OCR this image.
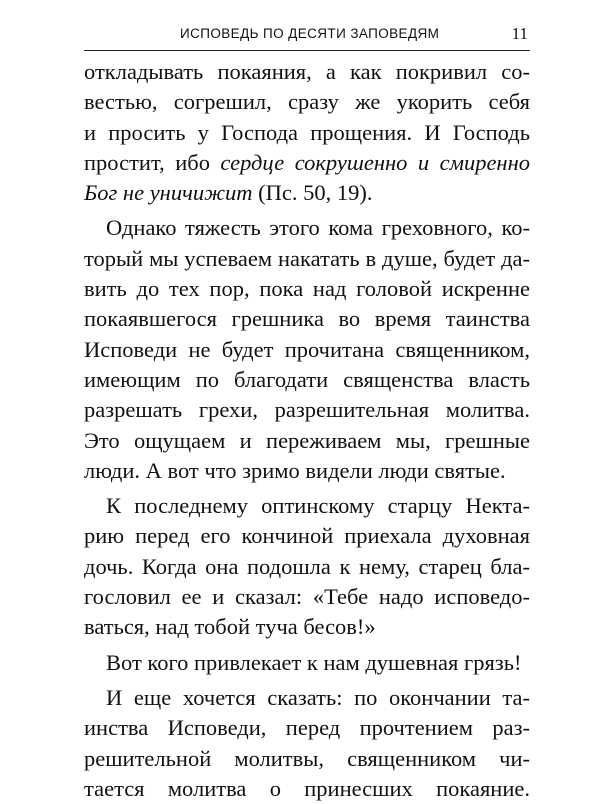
ИСПОВЕДЬ ПО ДЕСЯТИ ЗАПОВЕДЯМ	11
откладывать покаяния, а как покривил со-
вестью, согрешил, сразу же укорить себя
и просить у Господа прощения. И Господь
простит, ибо сердце сокрушенно и смиренно
Бог не уничижит (Пс. 50, 19).
Однако тяжесть этого кома греховного, ко-
торый мы успеваем накатать в душе, будет да-
вить до тех пор, пока над головой искренне
покаявшегося грешника во время таинства
Исповеди не будет прочитана священником,
имеющим по благодати священства власть
разрешать грехи, разрешительная молитва.
Это ощущаем и переживаем мы, грешные
люди. А вот что зримо видели люди святые.
К последнему оптинскому старцу Некта-
рию перед его кончиной приехала духовная
дочь. Когда она подошла к нему, старец бла-
гословил ее и сказал: «Тебе надо исповедо-
ваться, над тобой туча бесов!»
Вот кого привлекает к нам душевная грязь!
И еще хочется сказать: по окончании та-
инства Исповеди, перед прочтением раз-
решительной молитвы, священником чи-
тается молитва о принесших покаяние.
